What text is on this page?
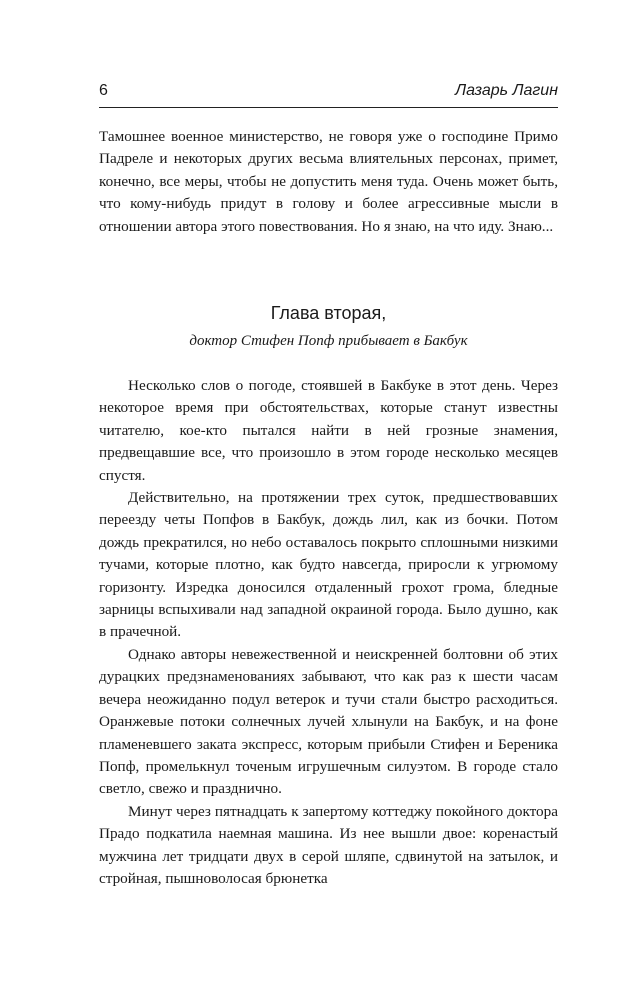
6	Лазарь Лагин

Тамошнее военное министерство, не говоря уже о господине Примо Падреле и некоторых других весьма влиятельных персонах, примет, конечно, все меры, чтобы не допустить меня туда. Очень может быть, что кому-нибудь придут в голову и более агрессивные мысли в отношении автора этого повествования. Но я знаю, на что иду. Знаю...

Глава вторая,
доктор Стифен Попф прибывает в Бакбук

Несколько слов о погоде, стоявшей в Бакбуке в этот день. Через некоторое время при обстоятельствах, которые станут известны читателю, кое-кто пытался найти в ней грозные знамения, предвещавшие все, что произошло в этом городе несколько месяцев спустя.

Действительно, на протяжении трех суток, предшествовавших переезду четы Попфов в Бакбук, дождь лил, как из бочки. Потом дождь прекратился, но небо оставалось покрыто сплошными низкими тучами, которые плотно, как будто навсегда, приросли к угрюмому горизонту. Изредка доносился отдаленный грохот грома, бледные зарницы вспыхивали над западной окраиной города. Было душно, как в прачечной.

Однако авторы невежественной и неискренней болтовни об этих дурацких предзнаменованиях забывают, что как раз к шести часам вечера неожиданно подул ветерок и тучи стали быстро расходиться. Оранжевые потоки солнечных лучей хлынули на Бакбук, и на фоне пламеневшего заката экспресс, которым прибыли Стифен и Береника Попф, промелькнул точеным игрушечным силуэтом. В городе стало светло, свежо и празднично.

Минут через пятнадцать к запертому коттеджу покойного доктора Прадо подкатила наемная машина. Из нее вышли двое: коренастый мужчина лет тридцати двух в серой шляпе, сдвинутой на затылок, и стройная, пышноволосая брюнетка
